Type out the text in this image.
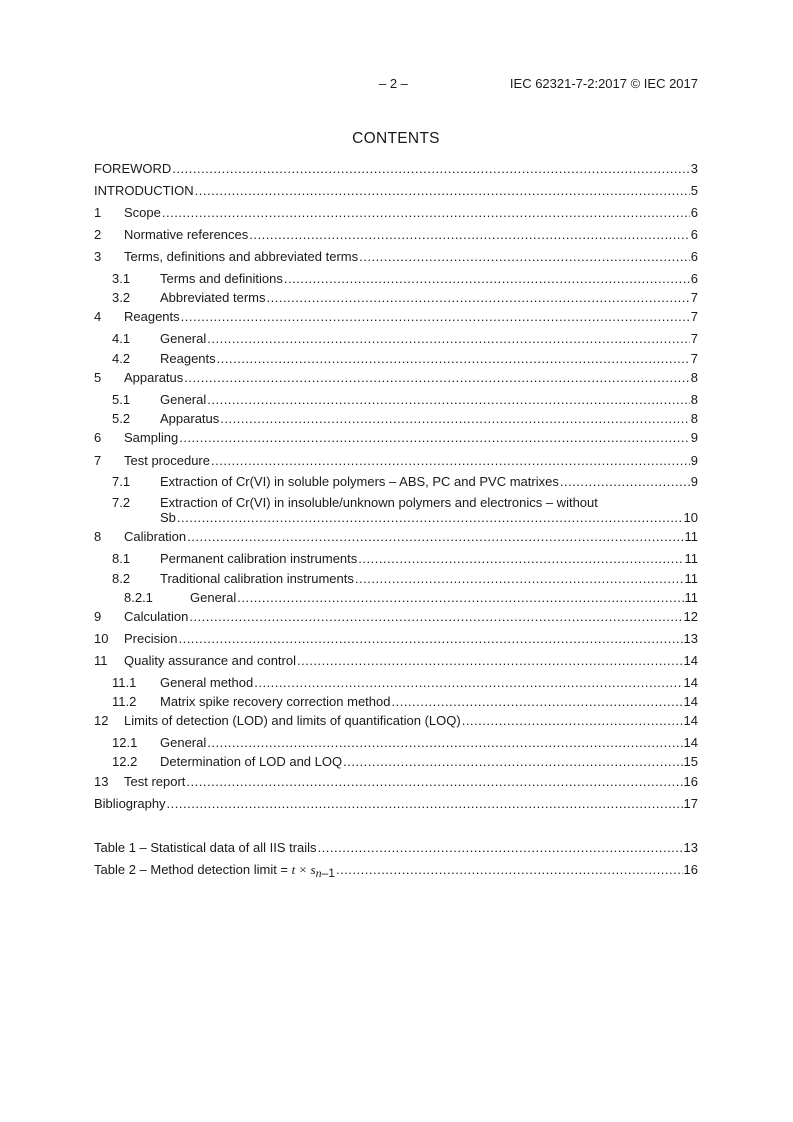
– 2 –	IEC 62321-7-2:2017 © IEC 2017
CONTENTS
FOREWORD .....	3
INTRODUCTION .....	5
1	Scope .....	6
2	Normative references .....	6
3	Terms, definitions and abbreviated terms .....	6
3.1	Terms and definitions .....	6
3.2	Abbreviated terms .....	7
4	Reagents .....	7
4.1	General .....	7
4.2	Reagents .....	7
5	Apparatus .....	8
5.1	General .....	8
5.2	Apparatus .....	8
6	Sampling .....	9
7	Test procedure .....	9
7.1	Extraction of Cr(VI) in soluble polymers – ABS, PC and PVC matrixes .....	9
7.2	Extraction of Cr(VI) in insoluble/unknown polymers and electronics – without
Sb .....	10
8	Calibration .....	11
8.1	Permanent calibration instruments .....	11
8.2	Traditional calibration instruments .....	11
8.2.1	General .....	11
9	Calculation .....	12
10	Precision .....	13
11	Quality assurance and control .....	14
11.1	General method .....	14
11.2	Matrix spike recovery correction method .....	14
12	Limits of detection (LOD) and limits of quantification (LOQ) .....	14
12.1	General .....	14
12.2	Determination of LOD and LOQ .....	15
13	Test report .....	16
Bibliography .....	17
Table 1 – Statistical data of all IIS trails .....	13
Table 2 – Method detection limit = t × sn–1 .....	16
